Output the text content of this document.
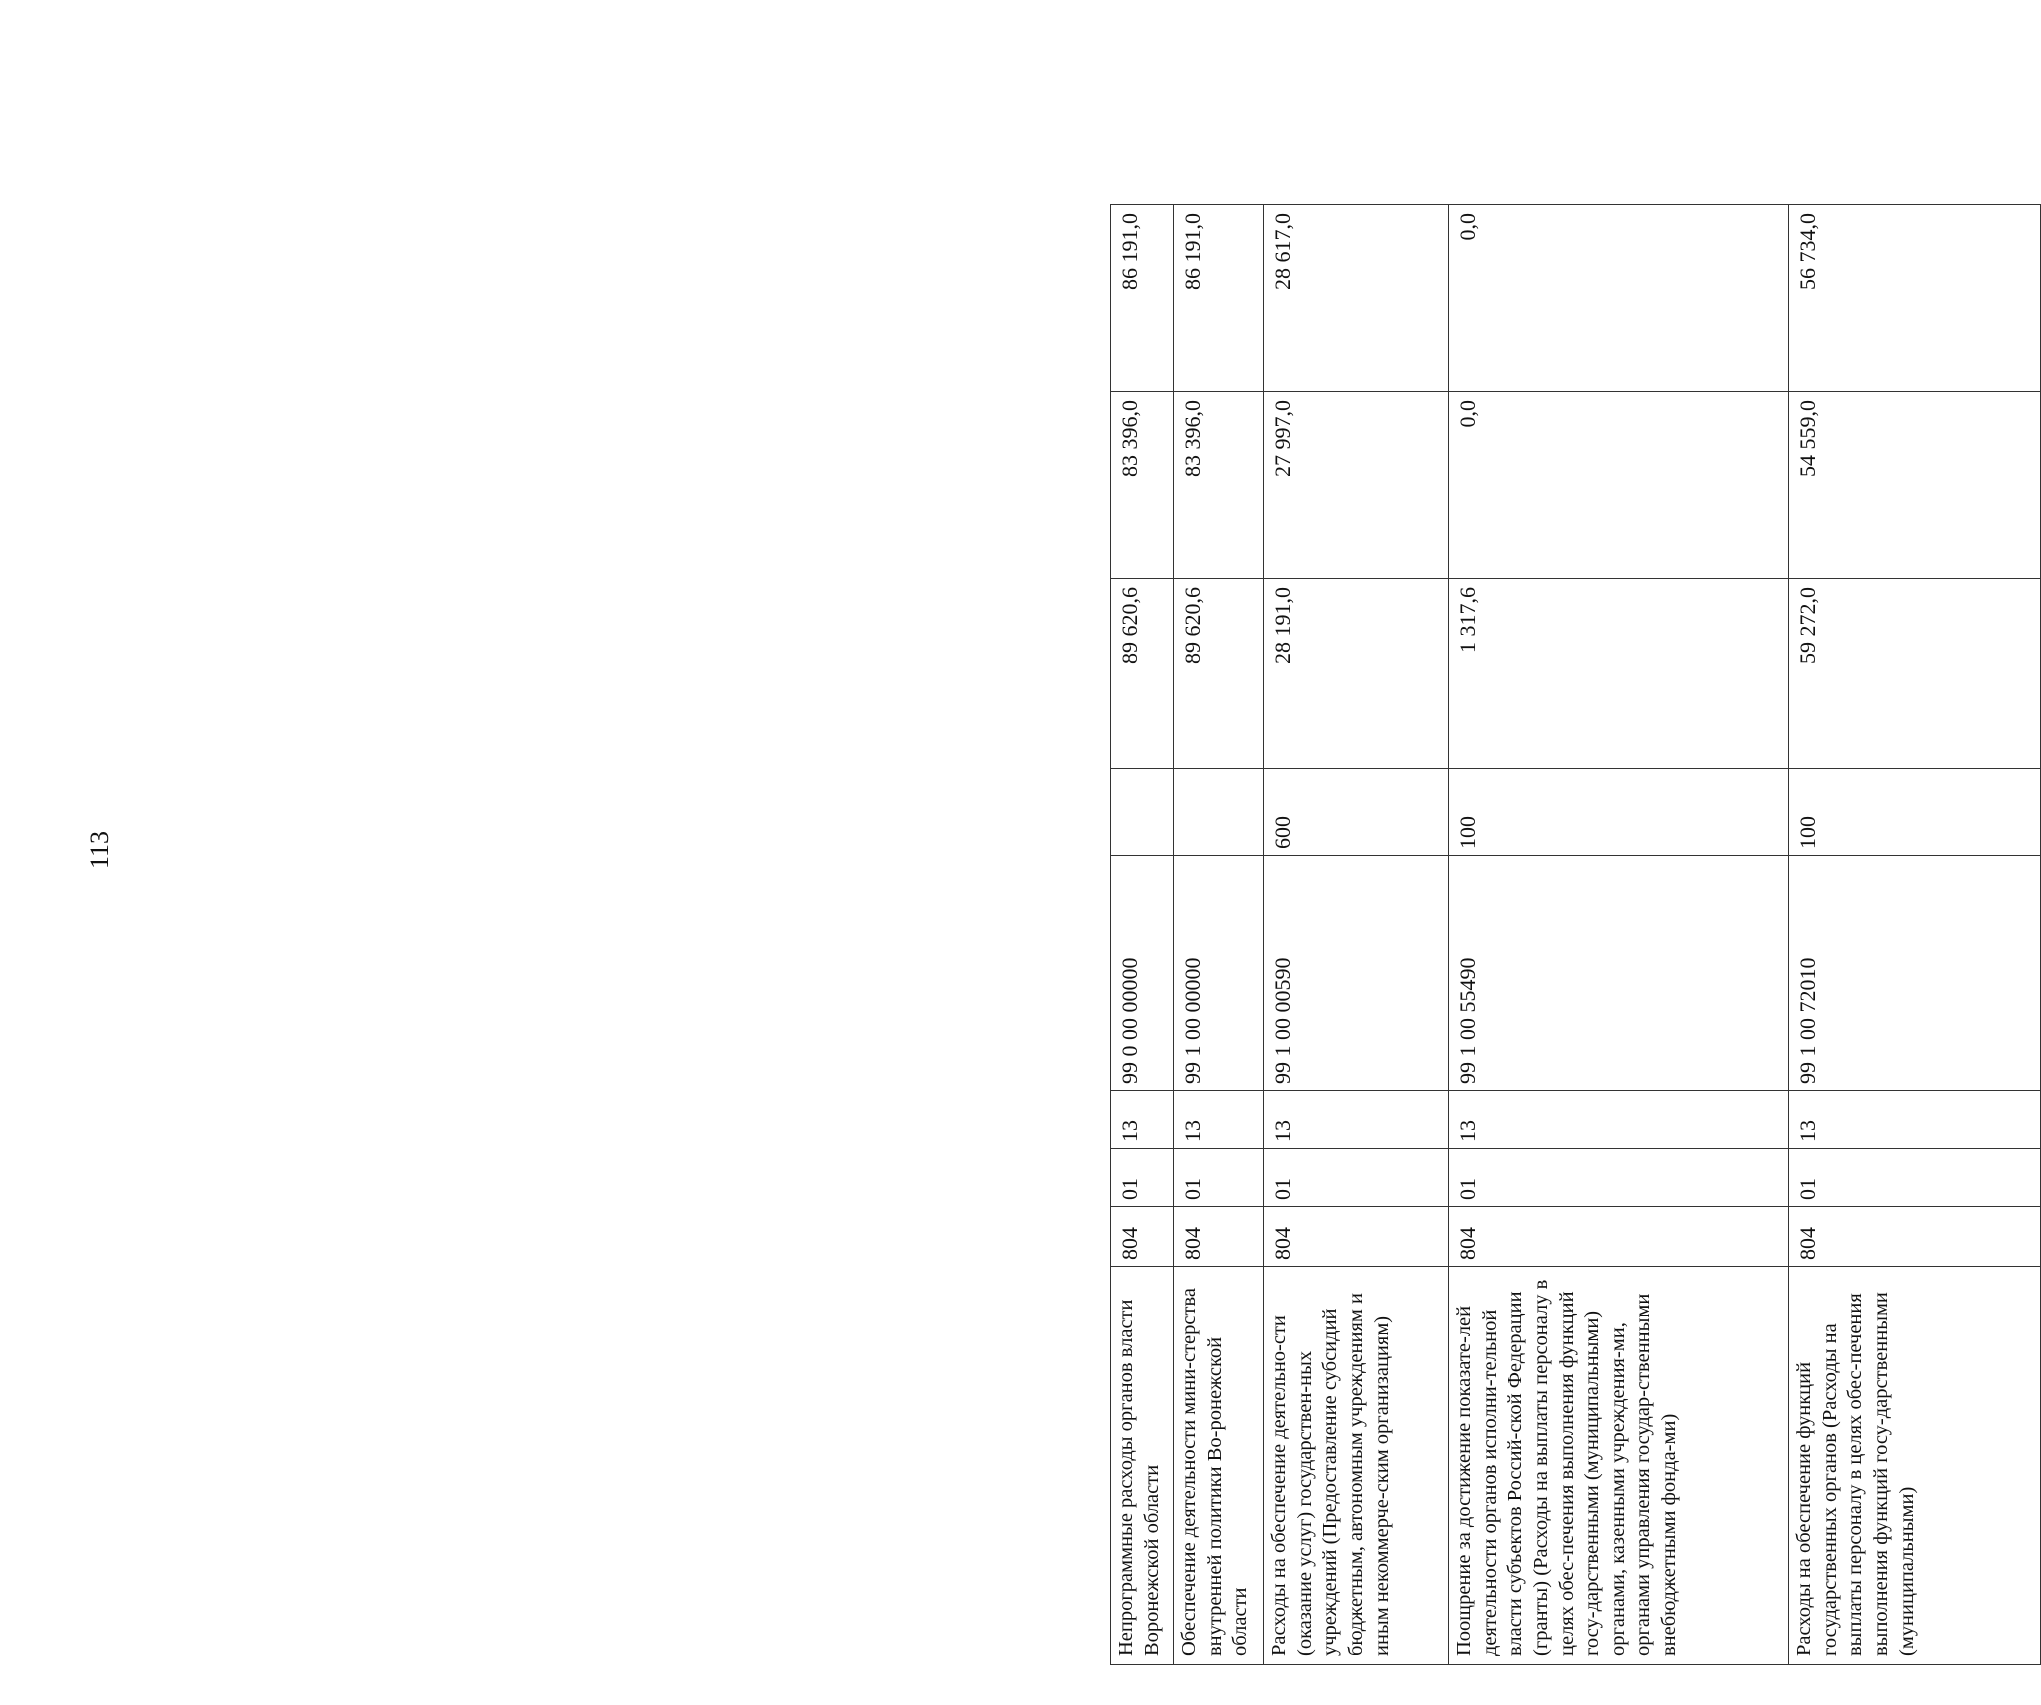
113
Непрограммные расходы органов власти Воронежской области	804	01	13	99 0 00 00000		89 620,6	83 396,0	86 191,0
Обеспечение деятельности мини-стерства внутренней политики Во-ронежской области	804	01	13	99 1 00 00000		89 620,6	83 396,0	86 191,0
Расходы на обеспечение деятельно-сти (оказание услуг) государствен-ных учреждений (Предоставление субсидий бюджетным, автономным учреждениям и иным некоммерче-ским организациям)	804	01	13	99 1 00 00590	600	28 191,0	27 997,0	28 617,0
Поощрение за достижение показате-лей деятельности органов исполни-тельной власти субъектов Россий-ской Федерации (гранты) (Расходы на выплаты персоналу в целях обес-печения выполнения функций госу-дарственными (муниципальными) органами, казенными учреждения-ми, органами управления государ-ственными внебюджетными фонда-ми)	804	01	13	99 1 00 55490	100	1 317,6	0,0	0,0
Расходы на обеспечение функций государственных органов (Расходы на выплаты персоналу в целях обес-печения выполнения функций госу-дарственными (муниципальными)	804	01	13	99 1 00 72010	100	59 272,0	54 559,0	56 734,0
